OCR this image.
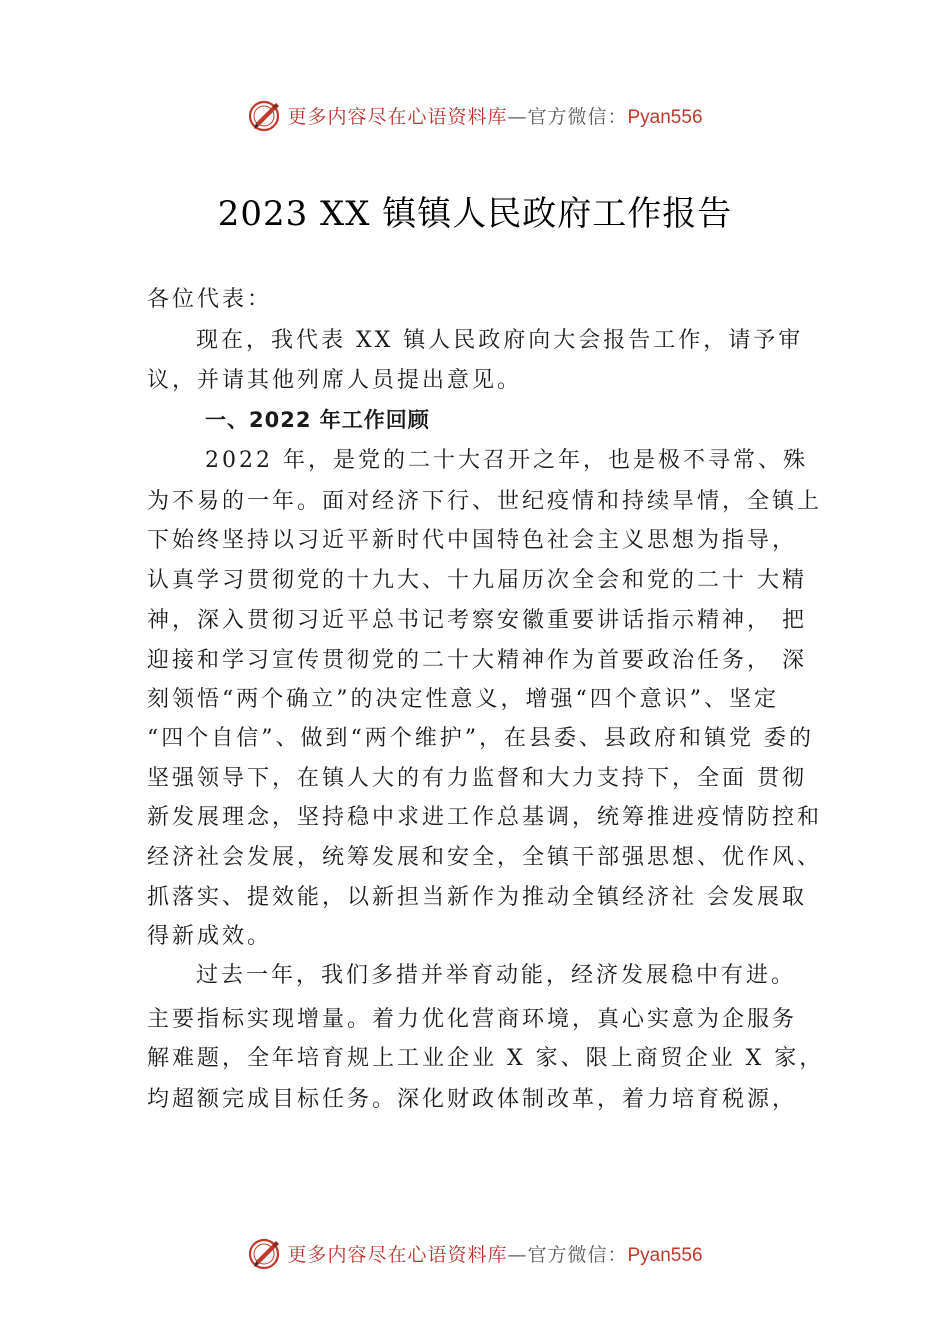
更多内容尽在心语资料库—官方微信：Pyan556
2023 XX 镇镇人民政府工作报告
各位代表：
现在，我代表 XX 镇人民政府向大会报告工作，请予审
议，并请其他列席人员提出意见。
一、2022 年工作回顾
2022 年，是党的二十大召开之年，也是极不寻常、殊
为不易的一年。面对经济下行、世纪疫情和持续旱情，全镇上
下始终坚持以习近平新时代中国特色社会主义思想为指导，
认真学习贯彻党的十九大、十九届历次全会和党的二十 大精
神，深入贯彻习近平总书记考察安徽重要讲话指示精神， 把
迎接和学习宣传贯彻党的二十大精神作为首要政治任务， 深
刻领悟“两个确立”的决定性意义，增强“四个意识”、坚定
“四个自信”、做到“两个维护”，在县委、县政府和镇党 委的
坚强领导下，在镇人大的有力监督和大力支持下，全面 贯彻
新发展理念，坚持稳中求进工作总基调，统筹推进疫情防控和
经济社会发展，统筹发展和安全，全镇干部强思想、优作风、
抓落实、提效能，以新担当新作为推动全镇经济社 会发展取
得新成效。
过去一年，我们多措并举育动能，经济发展稳中有进。
主要指标实现增量。着力优化营商环境，真心实意为企服务
解难题，全年培育规上工业企业 X 家、限上商贸企业 X 家，
均超额完成目标任务。深化财政体制改革，着力培育税源，
更多内容尽在心语资料库—官方微信：Pyan556
